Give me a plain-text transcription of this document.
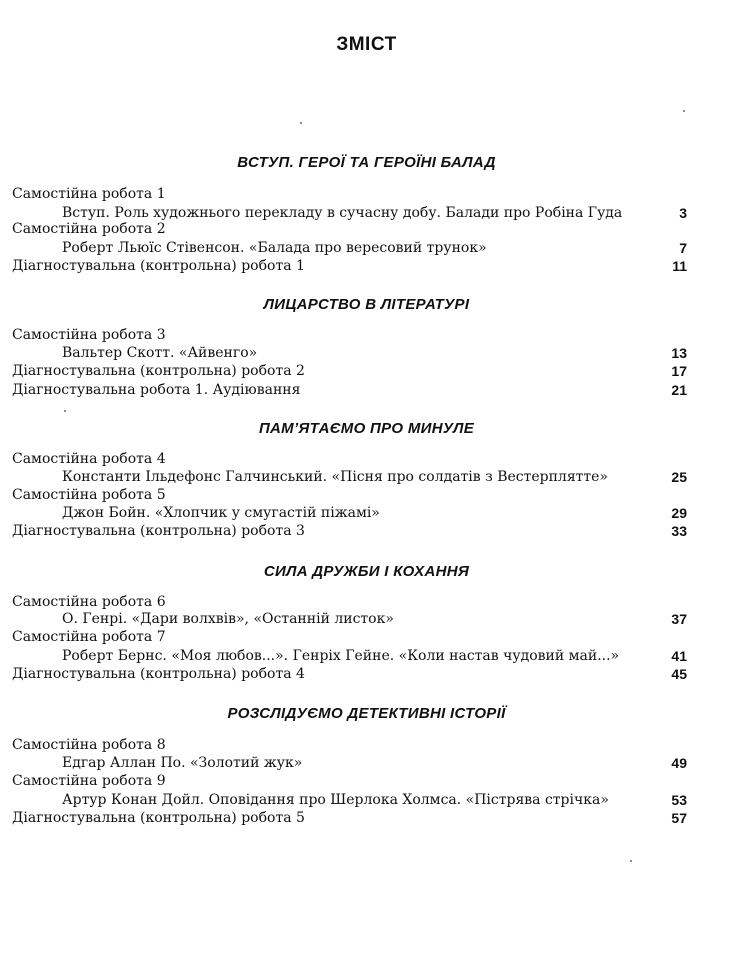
ЗМІСТ
ВСТУП. ГЕРОЇ ТА ГЕРОЇНІ БАЛАД
Самостійна робота 1
Вступ. Роль художнього перекладу в сучасну добу. Балади про Робіна Гуда	3
Самостійна робота 2
Роберт Льюїс Стівенсон. «Балада про вересовий трунок»	7
Діагностувальна (контрольна) робота 1	11
ЛИЦАРСТВО В ЛІТЕРАТУРІ
Самостійна робота 3
Вальтер Скотт. «Айвенго»	13
Діагностувальна (контрольна) робота 2	17
Діагностувальна робота 1. Аудіювання	21
ПАМ’ЯТАЄМО ПРО МИНУЛЕ
Самостійна робота 4
Константи Ільдефонс Галчинський. «Пісня про солдатів з Вестерплятте»	25
Самостійна робота 5
Джон Бойн. «Хлопчик у смугастій піжамі»	29
Діагностувальна (контрольна) робота 3	33
СИЛА ДРУЖБИ І КОХАННЯ
Самостійна робота 6
О. Генрі. «Дари волхвів», «Останній листок»	37
Самостійна робота 7
Роберт Бернс. «Моя любов...». Генріх Гейне. «Коли настав чудовий май...»	41
Діагностувальна (контрольна) робота 4	45
РОЗСЛІДУЄМО ДЕТЕКТИВНІ ІСТОРІЇ
Самостійна робота 8
Едгар Аллан По. «Золотий жук»	49
Самостійна робота 9
Артур Конан Дойл. Оповідання про Шерлока Холмса. «Пістрява стрічка»	53
Діагностувальна (контрольна) робота 5	57
